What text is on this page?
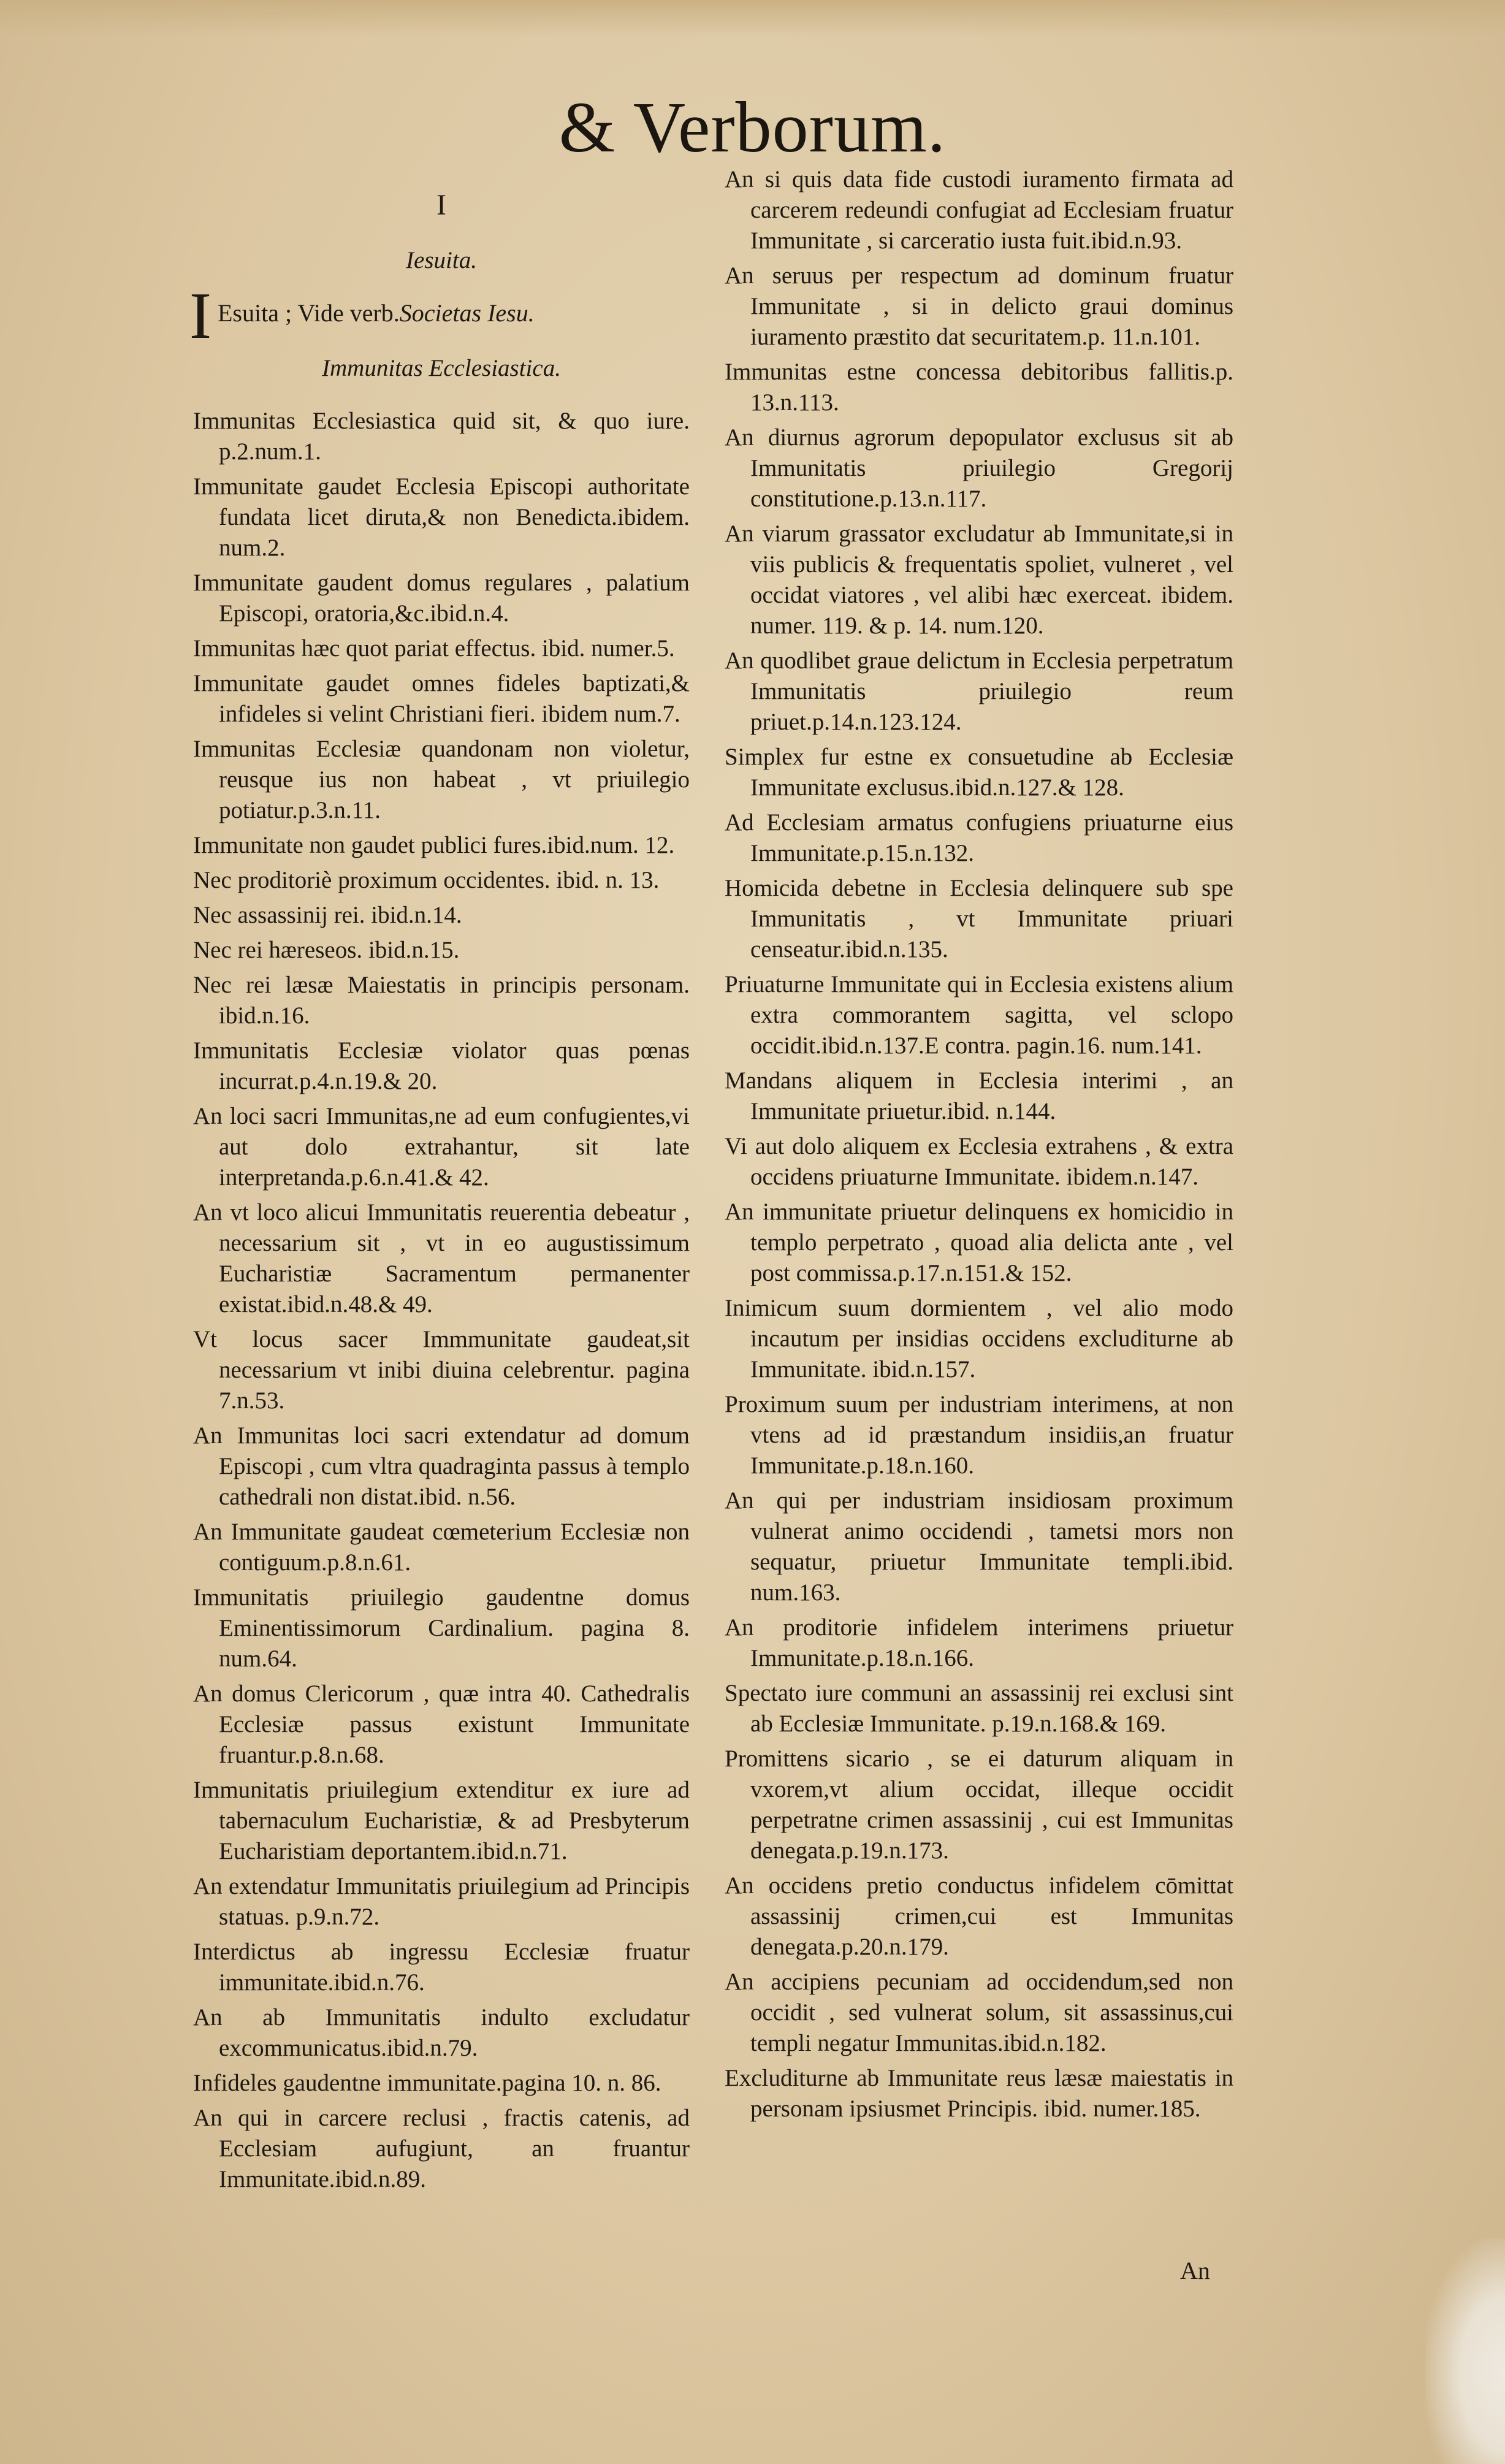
& Verborum.
I
Iesuita.
I Esuita ; Vide verb.Societas Iesu.
Immunitas Ecclesiastica.
Immunitas Ecclesiastica quid sit, & quo iure. p.2.num.1.
Immunitate gaudet Ecclesia Episcopi authoritate fundata licet diruta,& non Benedicta.ibidem. num.2.
Immunitate gaudent domus regulares , palatium Episcopi, oratoria,&c.ibid.n.4.
Immunitas hæc quot pariat effectus. ibid. numer.5.
Immunitate gaudet omnes fideles baptizati,& infideles si velint Christiani fieri. ibidem num.7.
Immunitas Ecclesiæ quandonam non violetur, reusque ius non habeat , vt priuilegio potiatur.p.3.n.11.
Immunitate non gaudet publici fures.ibid.num. 12.
Nec proditoriè proximum occidentes. ibid. n. 13.
Nec assassinij rei. ibid.n.14.
Nec rei hæreseos. ibid.n.15.
Nec rei læsæ Maiestatis in principis personam. ibid.n.16.
Immunitatis Ecclesiæ violator quas pœnas incurrat.p.4.n.19.& 20.
An loci sacri Immunitas,ne ad eum confugientes,vi aut dolo extrahantur, sit late interpretanda.p.6.n.41.& 42.
An vt loco alicui Immunitatis reuerentia debeatur , necessarium sit , vt in eo augustissimum Eucharistiæ Sacramentum permanenter existat.ibid.n.48.& 49.
Vt locus sacer Immmunitate gaudeat,sit necessarium vt inibi diuina celebrentur. pagina 7.n.53.
An Immunitas loci sacri extendatur ad domum Episcopi , cum vltra quadraginta passus à templo cathedrali non distat.ibid. n.56.
An Immunitate gaudeat cœmeterium Ecclesiæ non contiguum.p.8.n.61.
Immunitatis priuilegio gaudentne domus Eminentissimorum Cardinalium. pagina 8. num.64.
An domus Clericorum , quæ intra 40. Cathedralis Ecclesiæ passus existunt Immunitate fruantur.p.8.n.68.
Immunitatis priuilegium extenditur ex iure ad tabernaculum Eucharistiæ, & ad Presbyterum Eucharistiam deportantem.ibid.n.71.
An extendatur Immunitatis priuilegium ad Principis statuas. p.9.n.72.
Interdictus ab ingressu Ecclesiæ fruatur immunitate.ibid.n.76.
An ab Immunitatis indulto excludatur excommunicatus.ibid.n.79.
Infideles gaudentne immunitate.pagina 10. n. 86.
An qui in carcere reclusi , fractis catenis, ad Ecclesiam aufugiunt, an fruantur Immunitate.ibid.n.89.
An si quis data fide custodi iuramento firmata ad carcerem redeundi confugiat ad Ecclesiam fruatur Immunitate , si carceratio iusta fuit.ibid.n.93.
An seruus per respectum ad dominum fruatur Immunitate , si in delicto graui dominus iuramento præstito dat securitatem.p. 11.n.101.
Immunitas estne concessa debitoribus fallitis.p. 13.n.113.
An diurnus agrorum depopulator exclusus sit ab Immunitatis priuilegio Gregorij constitutione.p.13.n.117.
An viarum grassator excludatur ab Immunitate,si in viis publicis & frequentatis spoliet, vulneret , vel occidat viatores , vel alibi hæc exerceat. ibidem. numer. 119. & p. 14. num.120.
An quodlibet graue delictum in Ecclesia perpetratum Immunitatis priuilegio reum priuet.p.14.n.123.124.
Simplex fur estne ex consuetudine ab Ecclesiæ Immunitate exclusus.ibid.n.127.& 128.
Ad Ecclesiam armatus confugiens priuaturne eius Immunitate.p.15.n.132.
Homicida debetne in Ecclesia delinquere sub spe Immunitatis , vt Immunitate priuari censeatur.ibid.n.135.
Priuaturne Immunitate qui in Ecclesia existens alium extra commorantem sagitta, vel sclopo occidit.ibid.n.137.E contra. pagin.16. num.141.
Mandans aliquem in Ecclesia interimi , an Immunitate priuetur.ibid. n.144.
Vi aut dolo aliquem ex Ecclesia extrahens , & extra occidens priuaturne Immunitate. ibidem.n.147.
An immunitate priuetur delinquens ex homicidio in templo perpetrato , quoad alia delicta ante , vel post commissa.p.17.n.151.& 152.
Inimicum suum dormientem , vel alio modo incautum per insidias occidens excluditurne ab Immunitate. ibid.n.157.
Proximum suum per industriam interimens, at non vtens ad id præstandum insidiis,an fruatur Immunitate.p.18.n.160.
An qui per industriam insidiosam proximum vulnerat animo occidendi , tametsi mors non sequatur, priuetur Immunitate templi.ibid. num.163.
An proditorie infidelem interimens priuetur Immunitate.p.18.n.166.
Spectato iure communi an assassinij rei exclusi sint ab Ecclesiæ Immunitate. p.19.n.168.& 169.
Promittens sicario , se ei daturum aliquam in vxorem,vt alium occidat, illeque occidit perpetratne crimen assassinij , cui est Immunitas denegata.p.19.n.173.
An occidens pretio conductus infidelem cōmittat assassinij crimen,cui est Immunitas denegata.p.20.n.179.
An accipiens pecuniam ad occidendum,sed non occidit , sed vulnerat solum, sit assassinus,cui templi negatur Immunitas.ibid.n.182.
Excluditurne ab Immunitate reus læsæ maiestatis in personam ipsiusmet Principis. ibid. numer.185.
An
